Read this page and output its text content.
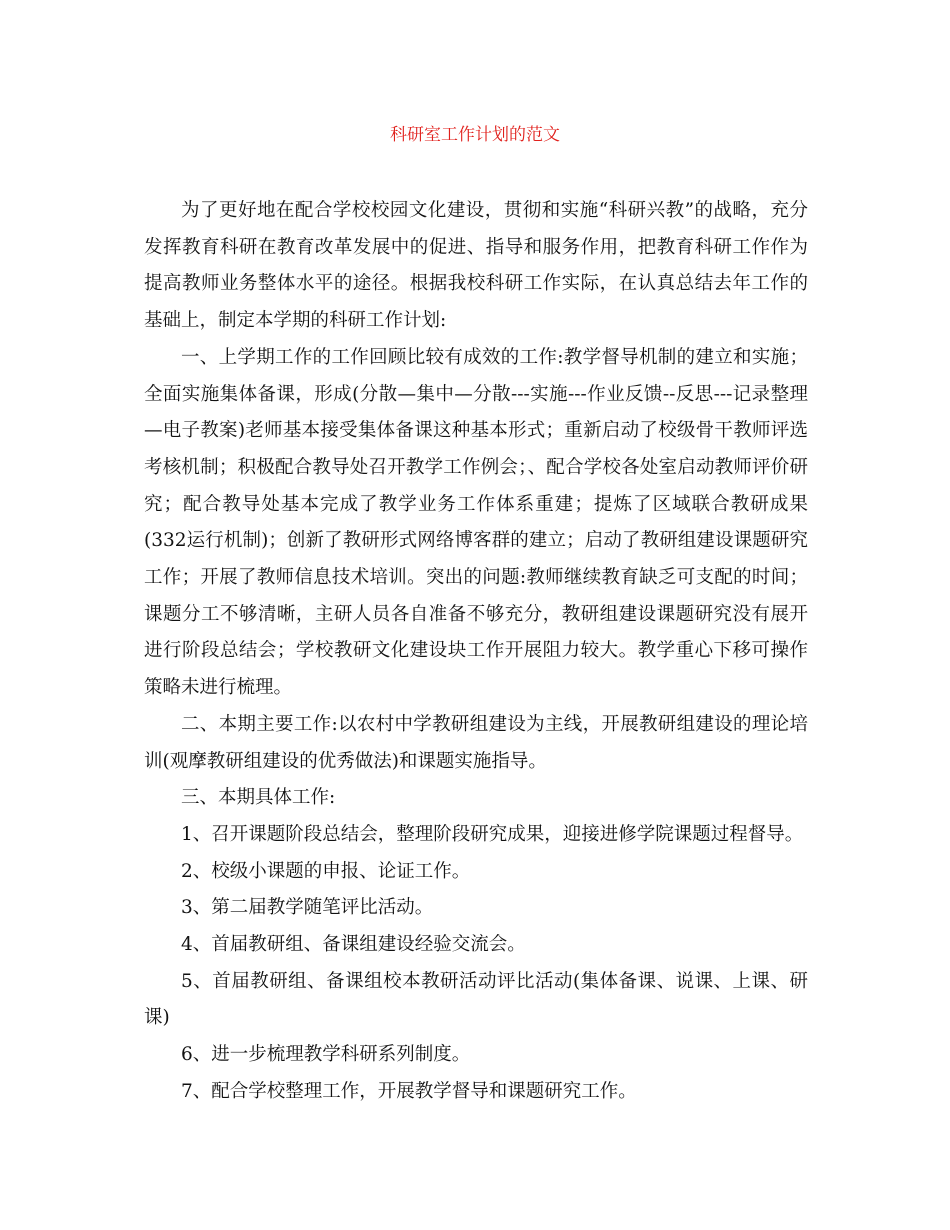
科研室工作计划的范文

为了更好地在配合学校校园文化建设，贯彻和实施“科研兴教”的战略，充分发挥教育科研在教育改革发展中的促进、指导和服务作用，把教育科研工作作为提高教师业务整体水平的途径。根据我校科研工作实际，在认真总结去年工作的基础上，制定本学期的科研工作计划:

一、上学期工作的工作回顾比较有成效的工作:教学督导机制的建立和实施；全面实施集体备课，形成(分散—集中—分散---实施---作业反馈--反思---记录整理—电子教案)老师基本接受集体备课这种基本形式；重新启动了校级骨干教师评选考核机制；积极配合教导处召开教学工作例会；、配合学校各处室启动教师评价研究；配合教导处基本完成了教学业务工作体系重建；提炼了区域联合教研成果(332运行机制)；创新了教研形式网络博客群的建立；启动了教研组建设课题研究工作；开展了教师信息技术培训。突出的问题:教师继续教育缺乏可支配的时间；课题分工不够清晰，主研人员各自准备不够充分，教研组建设课题研究没有展开进行阶段总结会；学校教研文化建设块工作开展阻力较大。教学重心下移可操作策略未进行梳理。

二、本期主要工作:以农村中学教研组建设为主线，开展教研组建设的理论培训(观摩教研组建设的优秀做法)和课题实施指导。

三、本期具体工作:

1、召开课题阶段总结会，整理阶段研究成果，迎接进修学院课题过程督导。

2、校级小课题的申报、论证工作。

3、第二届教学随笔评比活动。

4、首届教研组、备课组建设经验交流会。

5、首届教研组、备课组校本教研活动评比活动(集体备课、说课、上课、研课)

6、进一步梳理教学科研系列制度。

7、配合学校整理工作，开展教学督导和课题研究工作。
